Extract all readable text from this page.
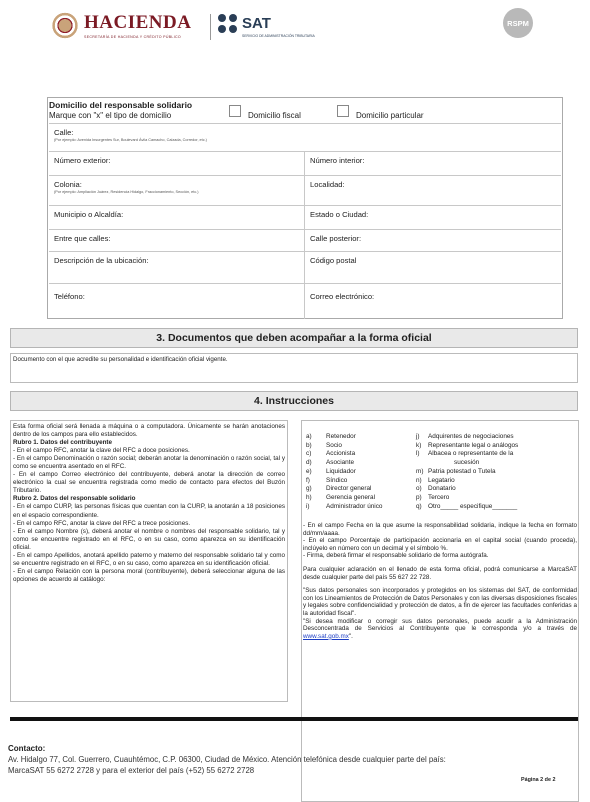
HACIENDA
SECRETARÍA DE HACIENDA Y CRÉDITO PÚBLICO
SAT
SERVICIO DE ADMINISTRACIÓN TRIBUTARIA
RSPM
Domicilio del responsable solidario
Marque con "x" el tipo de domicilio	Domicilio fiscal	Domicilio particular
Calle:
(Por ejemplo: Avenida Insurgentes Sur, Boulevard Ávila Camacho, Calzada, Corredor, etc.)
Número exterior:	Número interior:
Colonia:
(Por ejemplo: Ampliación Juárez, Residencia Hidalgo, Fraccionamiento, Sección, etc.)
Localidad:
Municipio o Alcaldía:	Estado o Ciudad:
Entre que calles:	Calle posterior:
Descripción de la ubicación:	Código postal
Teléfono:	Correo electrónico:
3. Documentos que deben acompañar a la forma oficial
Documento con el que acredite su personalidad e identificación oficial vigente.
4. Instrucciones

Esta forma oficial será llenada a máquina o a computadora. Únicamente se harán anotaciones dentro de los campos para ello establecidos.

Rubro 1. Datos del contribuyente

- En el campo RFC, anotar la clave del RFC a doce posiciones.

- En el campo Denominación o razón social; deberán anotar la denominación o razón social, tal y como se encuentra asentado en el RFC.

- En el campo Correo electrónico del contribuyente, deberá anotar la dirección de correo electrónico la cual se encuentra registrada como medio de contacto para efectos del Buzón Tributario.

Rubro 2. Datos del responsable solidario

- En el campo CURP, las personas físicas que cuentan con la CURP, la anotarán a 18 posiciones en el espacio correspondiente.

- En el campo RFC, anotar la clave del RFC a trece posiciones.

- En el campo Nombre (s), deberá anotar el nombre o nombres del responsable solidario, tal y como se encuentre registrado en el RFC, o en su caso, como aparezca en su identificación oficial.

- En el campo Apellidos, anotará apellido paterno y materno del responsable solidario tal y como se encuentre registrado en el RFC, o en su caso, como aparezca en su identificación oficial.

- En el campo Relación con la persona moral (contribuyente), deberá seleccionar alguna de las opciones de acuerdo al catálogo:

a) Retenedor
b) Socio
c) Accionista
d) Asociante
e) Liquidador
f)	Síndico
g) Director general
h) Gerencia general
i)	Administrador único
j) Adquirentes de negociaciones
k) Representante legal o análogos
l) Albacea o representante de la
sucesión
m) Patria potestad o Tutela
n) Legatario
o) Donatario
p) Tercero
q) Otro_____ especifique_______

- En el campo Fecha en la que asume la responsabilidad solidaria, indique la fecha en formato dd/mm/aaaa.

- En el campo Porcentaje de participación accionaria en el capital social (cuando proceda), inclúyelo en número con un decimal y el símbolo %.

- Firma, deberá firmar el responsable solidario de forma autógrafa.

Para cualquier aclaración en el llenado de esta forma oficial, podrá comunicarse a MarcaSAT desde cualquier parte del país 55 627 22 728.

"Sus datos personales son incorporados y protegidos en los sistemas del SAT, de conformidad con los Lineamientos de Protección de Datos Personales y con las diversas disposiciones fiscales y legales sobre confidencialidad y protección de datos, a fin de ejercer las facultades conferidas a la autoridad fiscal".

"Si desea modificar o corregir sus datos personales, puede acudir a la Administración Desconcentrada de Servicios al Contribuyente que le corresponda y/o a través de www.sat.gob.mx".

Contacto:
Av. Hidalgo 77, Col. Guerrero, Cuauhtémoc, C.P. 06300, Ciudad de México. Atención telefónica desde cualquier parte del país:
MarcaSAT 55 6272 2728 y para el exterior del país (+52) 55 6272 2728
Página 2 de 2
